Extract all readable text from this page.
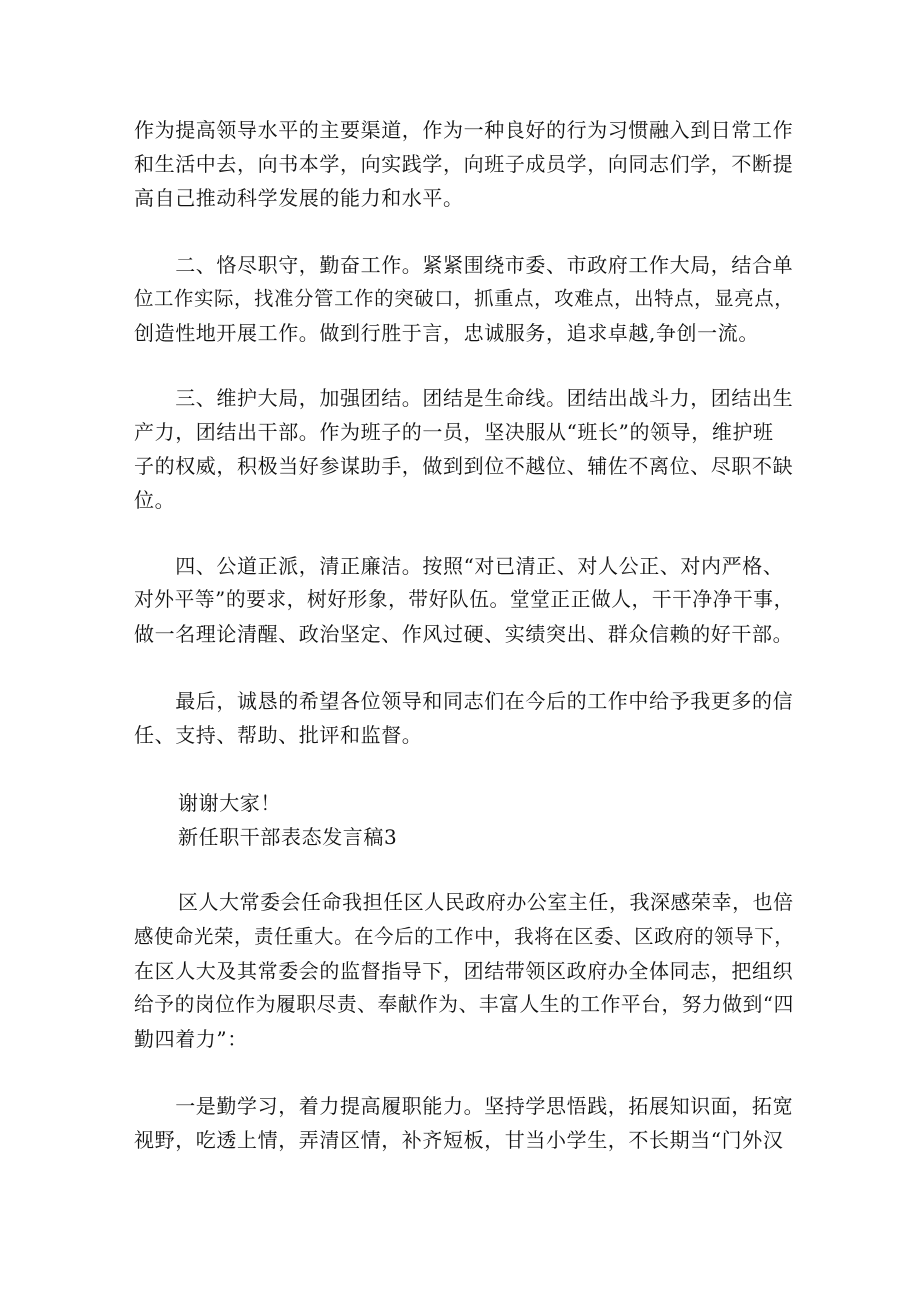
作为提高领导水平的主要渠道，作为一种良好的行为习惯融入到日常工作
和生活中去，向书本学，向实践学，向班子成员学，向同志们学，不断提
高自己推动科学发展的能力和水平。
　　二、恪尽职守，勤奋工作。紧紧围绕市委、市政府工作大局，结合单
位工作实际，找准分管工作的突破口，抓重点，攻难点，出特点，显亮点，
创造性地开展工作。做到行胜于言，忠诚服务，追求卓越,争创一流。
　　三、维护大局，加强团结。团结是生命线。团结出战斗力，团结出生
产力，团结出干部。作为班子的一员，坚决服从“班长”的领导，维护班
子的权威，积极当好参谋助手，做到到位不越位、辅佐不离位、尽职不缺
位。
　　四、公道正派，清正廉洁。按照“对已清正、对人公正、对内严格、
对外平等”的要求，树好形象，带好队伍。堂堂正正做人，干干净净干事，
做一名理论清醒、政治坚定、作风过硬、实绩突出、群众信赖的好干部。
　　最后，诚恳的希望各位领导和同志们在今后的工作中给予我更多的信
任、支持、帮助、批评和监督。

谢谢大家！

新任职干部表态发言稿3

区人大常委会任命我担任区人民政府办公室主任，我深感荣幸，也倍
感使命光荣，责任重大。在今后的工作中，我将在区委、区政府的领导下，
在区人大及其常委会的监督指导下，团结带领区政府办全体同志，把组织
给予的岗位作为履职尽责、奉献作为、丰富人生的工作平台，努力做到“四
勤四着力”：
　　一是勤学习，着力提高履职能力。坚持学思悟践，拓展知识面，拓宽
视野，吃透上情，弄清区情，补齐短板，甘当小学生，不长期当“门外汉
